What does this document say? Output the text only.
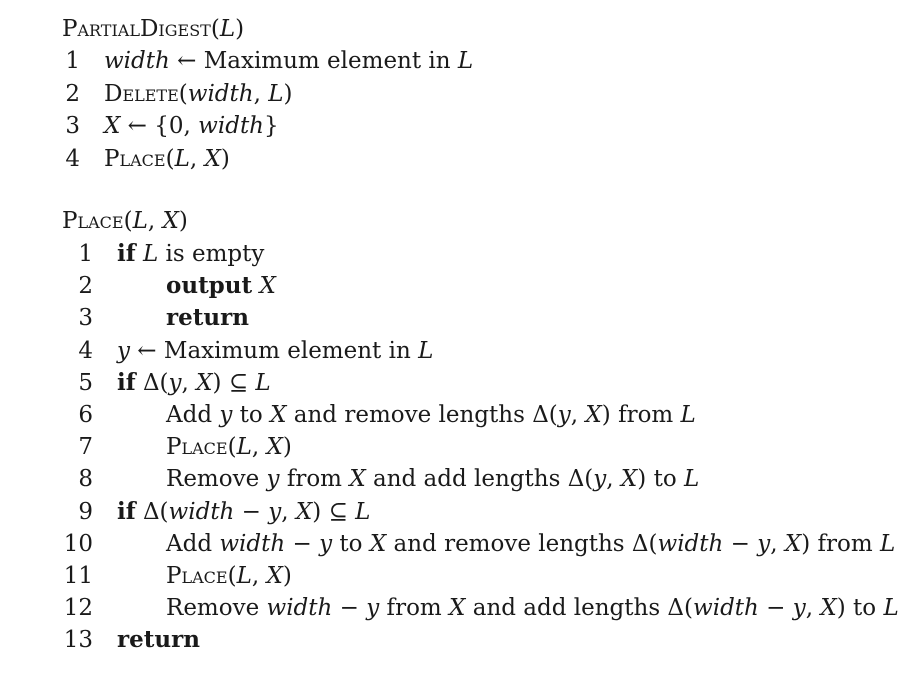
PartialDigest(L)
1 width ← Maximum element in L
2 Delete(width, L)
3 X ← {0, width}
4 Place(L, X)
Place(L, X)
1 if L is empty
2	output X
3	return
4 y ← Maximum element in L
5 if Δ(y, X) ⊆ L
6	Add y to X and remove lengths Δ(y, X) from L
7	Place(L, X)
8	Remove y from X and add lengths Δ(y, X) to L
9 if Δ(width − y, X) ⊆ L
10	Add width − y to X and remove lengths Δ(width − y, X) from L
11	Place(L, X)
12	Remove width − y from X and add lengths Δ(width − y, X) to L
13 return
